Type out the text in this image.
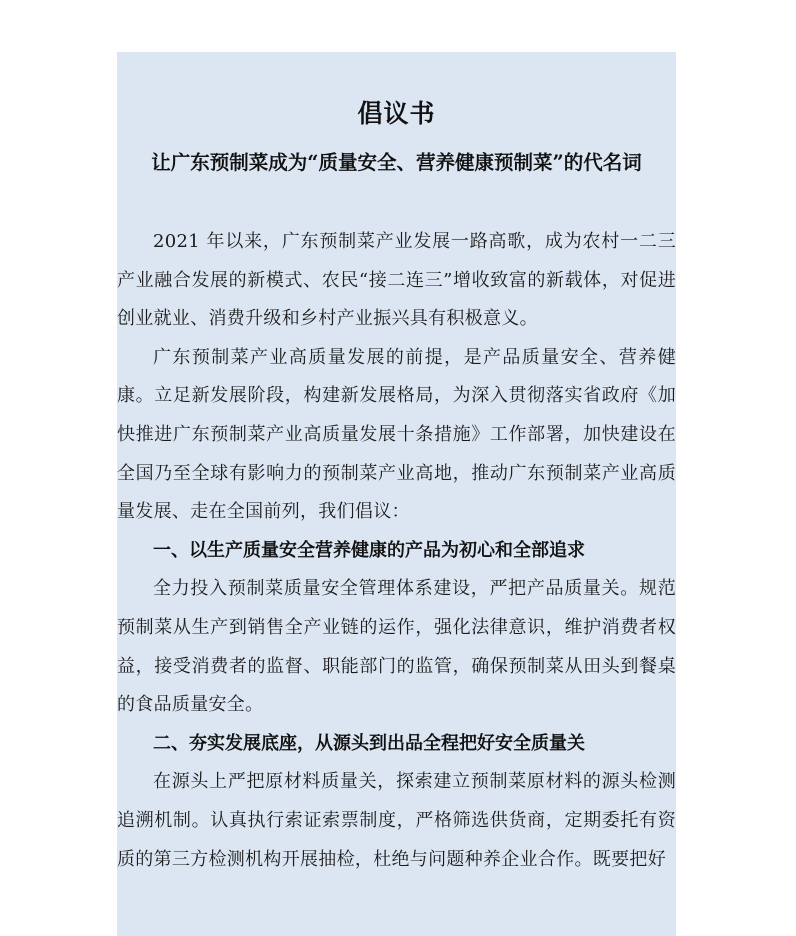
倡议书
让广东预制菜成为“质量安全、营养健康预制菜”的代名词

2021 年以来，广东预制菜产业发展一路高歌，成为农村一二三产业融合发展的新模式、农民“接二连三”增收致富的新载体，对促进创业就业、消费升级和乡村产业振兴具有积极意义。

广东预制菜产业高质量发展的前提，是产品质量安全、营养健康。立足新发展阶段，构建新发展格局，为深入贯彻落实省政府《加快推进广东预制菜产业高质量发展十条措施》工作部署，加快建设在全国乃至全球有影响力的预制菜产业高地，推动广东预制菜产业高质量发展、走在全国前列，我们倡议：

一、以生产质量安全营养健康的产品为初心和全部追求

全力投入预制菜质量安全管理体系建设，严把产品质量关。规范预制菜从生产到销售全产业链的运作，强化法律意识，维护消费者权益，接受消费者的监督、职能部门的监管，确保预制菜从田头到餐桌的食品质量安全。

二、夯实发展底座，从源头到出品全程把好安全质量关

在源头上严把原材料质量关，探索建立预制菜原材料的源头检测追溯机制。认真执行索证索票制度，严格筛选供货商，定期委托有资质的第三方检测机构开展抽检，杜绝与问题种养企业合作。既要把好
